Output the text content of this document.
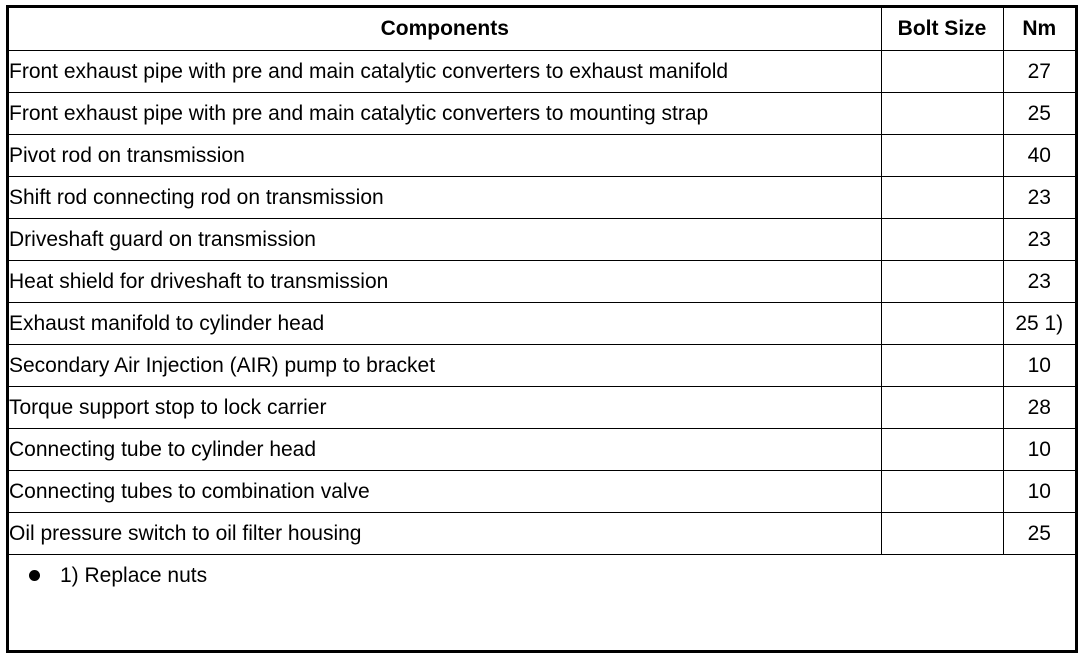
Components	Bolt Size	Nm
Front exhaust pipe with pre and main catalytic converters to exhaust manifold		27
Front exhaust pipe with pre and main catalytic converters to mounting strap		25
Pivot rod on transmission		40
Shift rod connecting rod on transmission		23
Driveshaft guard on transmission		23
Heat shield for driveshaft to transmission		23
Exhaust manifold to cylinder head		25 1)
Secondary Air Injection (AIR) pump to bracket		10
Torque support stop to lock carrier		28
Connecting tube to cylinder head		10
Connecting tubes to combination valve		10
Oil pressure switch to oil filter housing		25
1) Replace nuts
